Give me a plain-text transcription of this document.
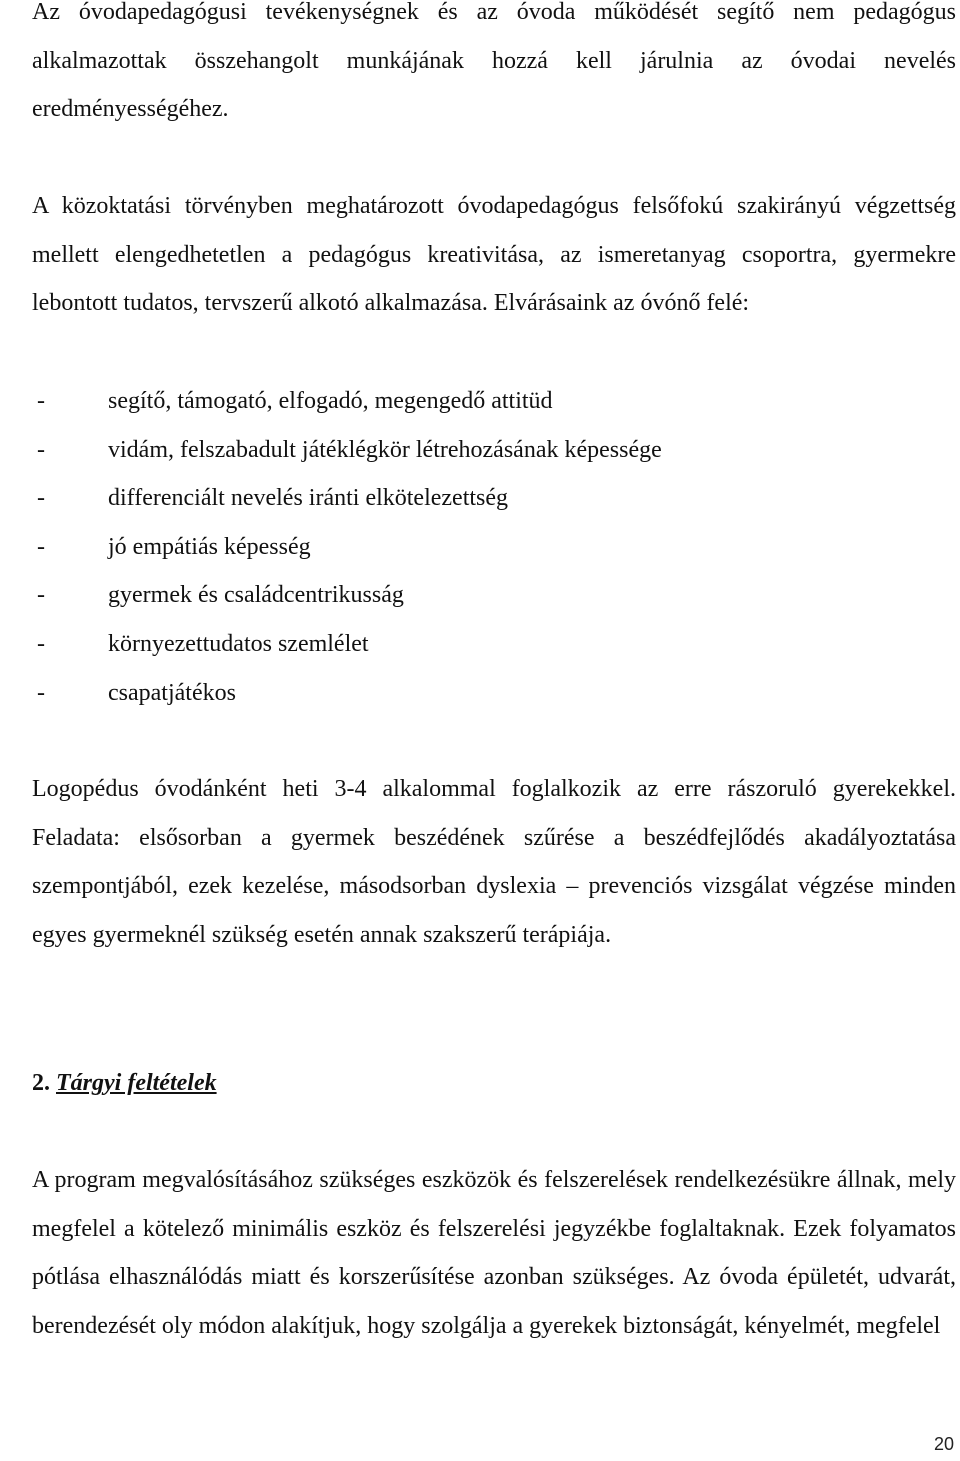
Az óvodapedagógusi tevékenységnek és az óvoda működését segítő nem pedagógus alkalmazottak összehangolt munkájának hozzá kell járulnia az óvodai nevelés eredményességéhez.

A közoktatási törvényben meghatározott óvodapedagógus felsőfokú szakirányú végzettség mellett elengedhetetlen a pedagógus kreativitása, az ismeretanyag csoportra, gyermekre lebontott tudatos, tervszerű alkotó alkalmazása. Elvárásaink az óvónő felé:

-	segítő, támogató, elfogadó, megengedő attitüd
-	vidám, felszabadult játéklégkör létrehozásának képessége
-	differenciált nevelés iránti elkötelezettség
-	jó empátiás képesség
-	gyermek és családcentrikusság
-	környezettudatos szemlélet
-	csapatjátékos

Logopédus óvodánként heti 3-4 alkalommal foglalkozik az erre rászoruló gyerekekkel. Feladata: elsősorban a gyermek beszédének szűrése a beszédfejlődés akadályoztatása szempontjából, ezek kezelése, másodsorban dyslexia – prevenciós vizsgálat végzése minden egyes gyermeknél szükség esetén annak szakszerű terápiája.

2. Tárgyi feltételek

A program megvalósításához szükséges eszközök és felszerelések rendelkezésükre állnak, mely megfelel a kötelező minimális eszköz és felszerelési jegyzékbe foglaltaknak. Ezek folyamatos pótlása elhasználódás miatt és korszerűsítése azonban szükséges. Az óvoda épületét, udvarát, berendezését oly módon alakítjuk, hogy szolgálja a gyerekek biztonságát, kényelmét, megfelel

20
